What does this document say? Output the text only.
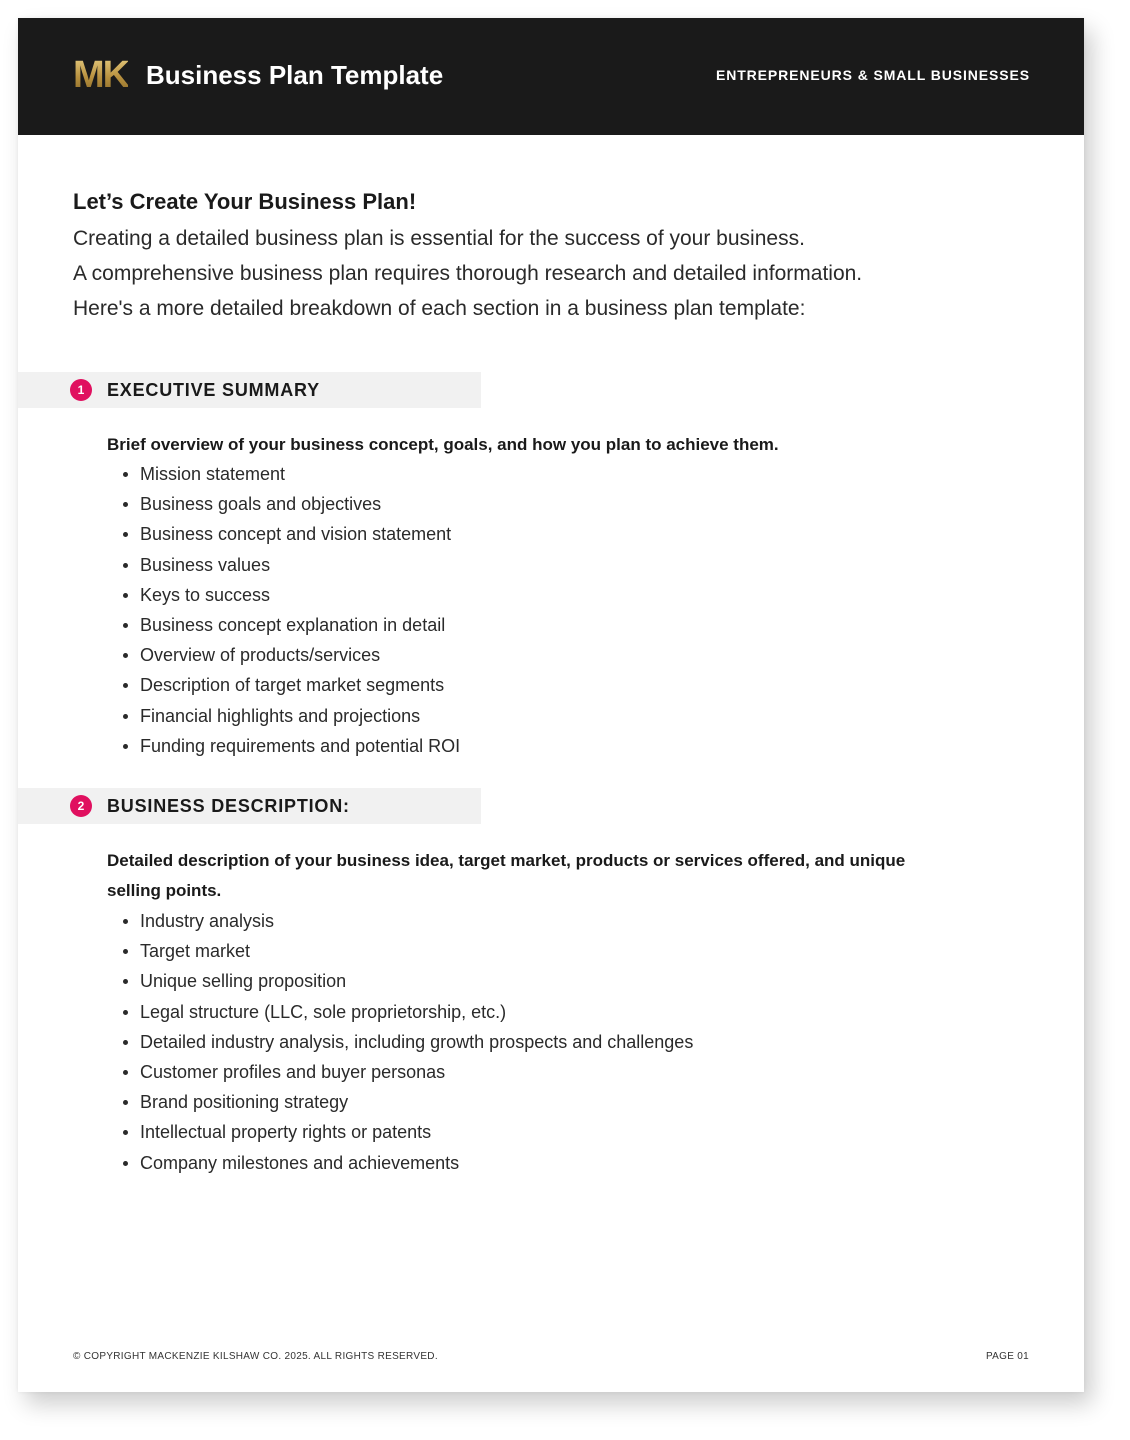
MK Business Plan Template	ENTREPRENEURS & SMALL BUSINESSES
Let’s Create Your Business Plan!
Creating a detailed business plan is essential for the success of your business.
A comprehensive business plan requires thorough research and detailed information.
Here's a more detailed breakdown of each section in a business plan template:
1	EXECUTIVE SUMMARY
Brief overview of your business concept, goals, and how you plan to achieve them.
Mission statement
Business goals and objectives
Business concept and vision statement
Business values
Keys to success
Business concept explanation in detail
Overview of products/services
Description of target market segments
Financial highlights and projections
Funding requirements and potential ROI
2	BUSINESS DESCRIPTION:
Detailed description of your business idea, target market, products or services offered, and unique selling points.
Industry analysis
Target market
Unique selling proposition
Legal structure (LLC, sole proprietorship, etc.)
Detailed industry analysis, including growth prospects and challenges
Customer profiles and buyer personas
Brand positioning strategy
Intellectual property rights or patents
Company milestones and achievements
© COPYRIGHT MACKENZIE KILSHAW CO. 2025. ALL RIGHTS RESERVED.	PAGE 01
